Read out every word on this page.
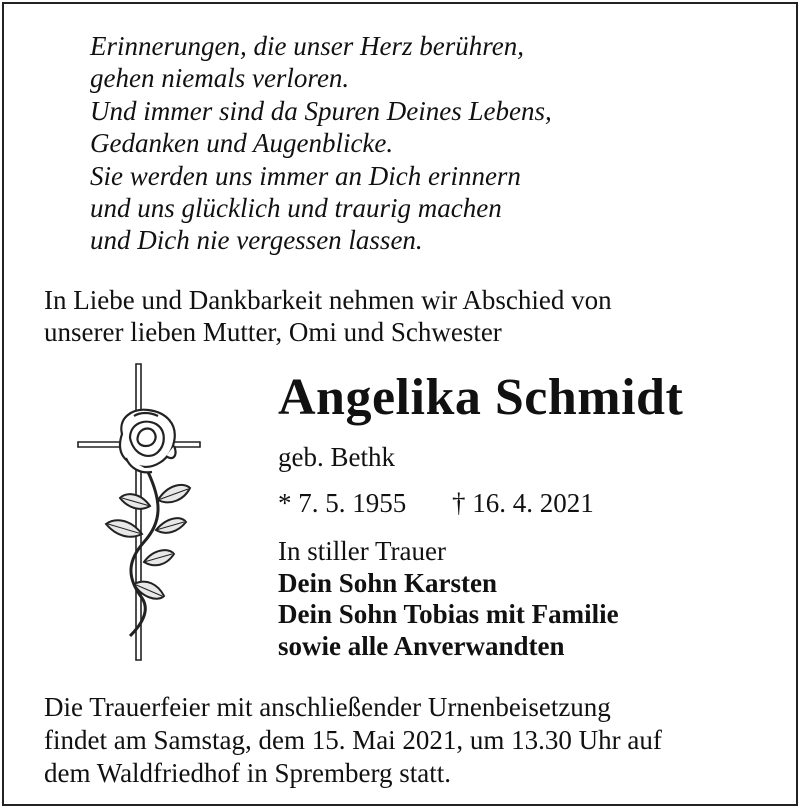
Erinnerungen, die unser Herz berühren,
gehen niemals verloren.
Und immer sind da Spuren Deines Lebens,
Gedanken und Augenblicke.
Sie werden uns immer an Dich erinnern
und uns glücklich und traurig machen
und Dich nie vergessen lassen.
In Liebe und Dankbarkeit nehmen wir Abschied von
unserer lieben Mutter, Omi und Schwester
Angelika Schmidt
geb. Bethk
* 7. 5. 1955 † 16. 4. 2021
In stiller Trauer
Dein Sohn Karsten
Dein Sohn Tobias mit Familie
sowie alle Anverwandten
Die Trauerfeier mit anschließender Urnenbeisetzung
findet am Samstag, dem 15. Mai 2021, um 13.30 Uhr auf
dem Waldfriedhof in Spremberg statt.
